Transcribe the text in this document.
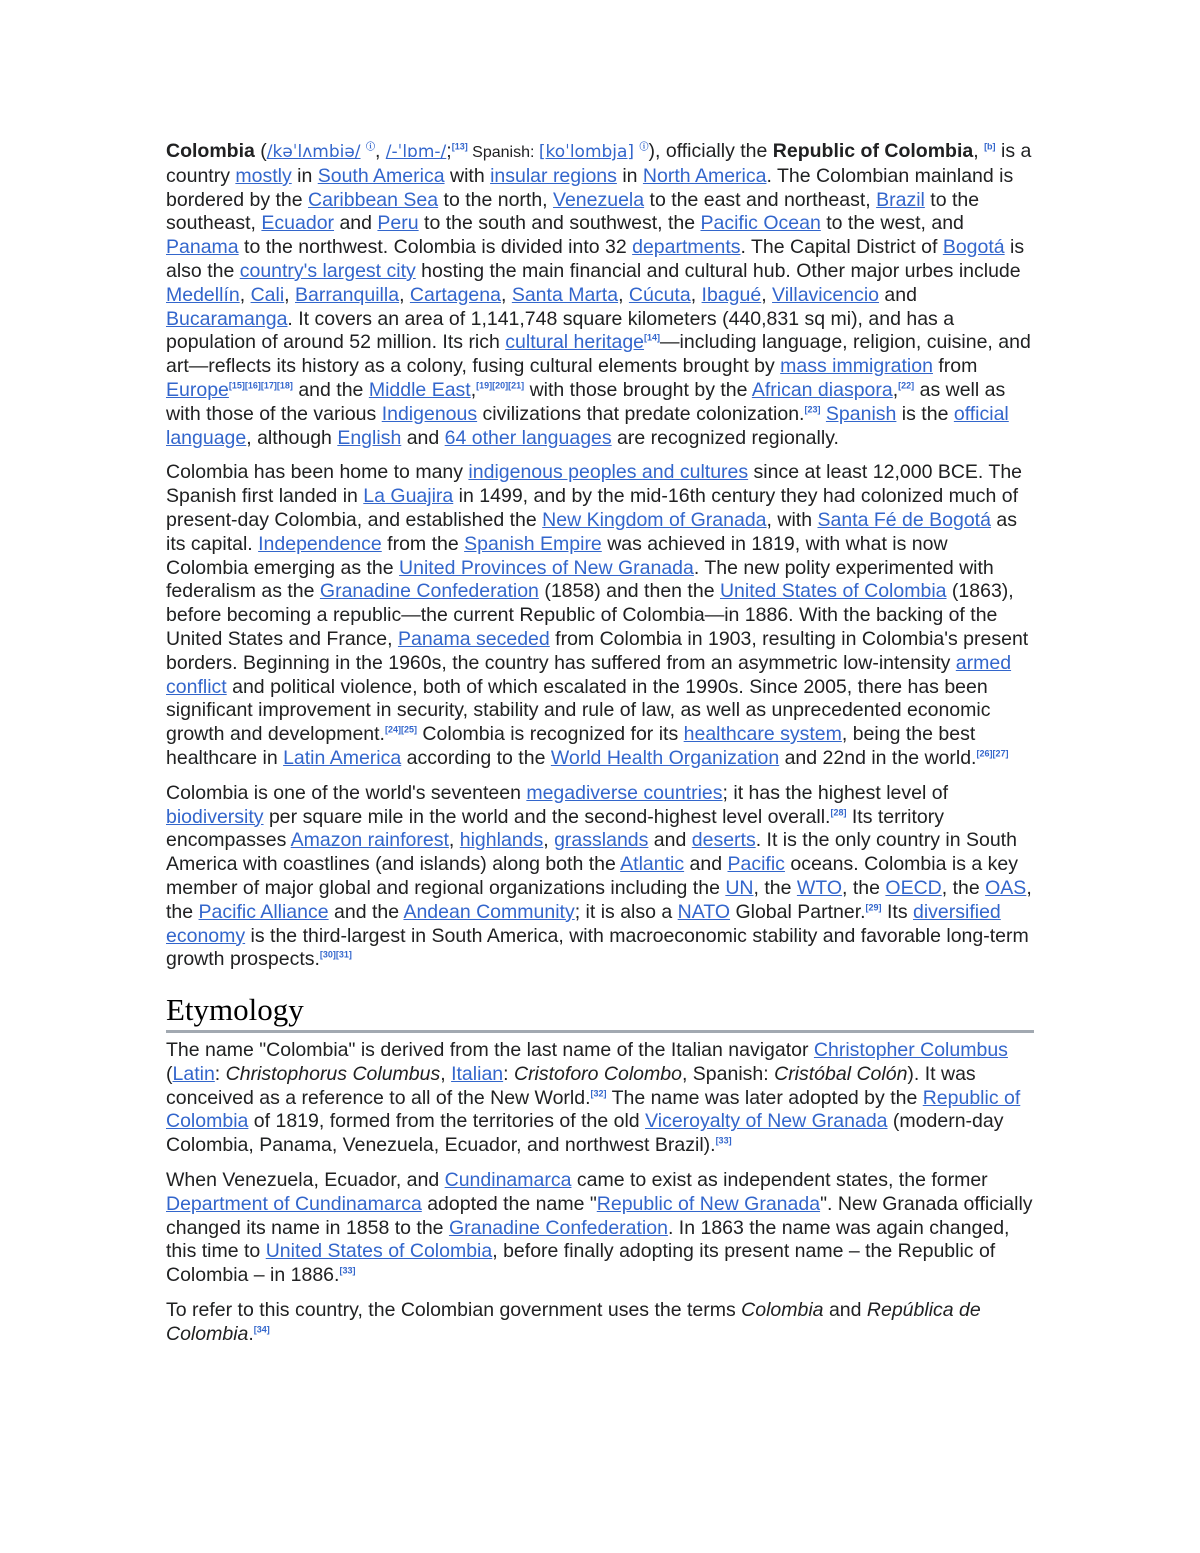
Colombia (/kəˈlʌmbiə/ ⓘ, /-ˈlɒm-/;[13] Spanish: [koˈlombja] ⓘ), officially the Republic of Colombia, [b] is a country mostly in South America with insular regions in North America. The Colombian mainland is bordered by the Caribbean Sea to the north, Venezuela to the east and northeast, Brazil to the southeast, Ecuador and Peru to the south and southwest, the Pacific Ocean to the west, and Panama to the northwest. Colombia is divided into 32 departments. The Capital District of Bogotá is also the country's largest city hosting the main financial and cultural hub. Other major urbes include Medellín, Cali, Barranquilla, Cartagena, Santa Marta, Cúcuta, Ibagué, Villavicencio and Bucaramanga. It covers an area of 1,141,748 square kilometers (440,831 sq mi), and has a population of around 52 million. Its rich cultural heritage[14]—including language, religion, cuisine, and art—reflects its history as a colony, fusing cultural elements brought by mass immigration from Europe[15][16][17][18] and the Middle East,[19][20][21] with those brought by the African diaspora,[22] as well as with those of the various Indigenous civilizations that predate colonization.[23] Spanish is the official language, although English and 64 other languages are recognized regionally.

Colombia has been home to many indigenous peoples and cultures since at least 12,000 BCE. The Spanish first landed in La Guajira in 1499, and by the mid-16th century they had colonized much of present-day Colombia, and established the New Kingdom of Granada, with Santa Fé de Bogotá as its capital. Independence from the Spanish Empire was achieved in 1819, with what is now Colombia emerging as the United Provinces of New Granada. The new polity experimented with federalism as the Granadine Confederation (1858) and then the United States of Colombia (1863), before becoming a republic—the current Republic of Colombia—in 1886. With the backing of the United States and France, Panama seceded from Colombia in 1903, resulting in Colombia's present borders. Beginning in the 1960s, the country has suffered from an asymmetric low-intensity armed conflict and political violence, both of which escalated in the 1990s. Since 2005, there has been significant improvement in security, stability and rule of law, as well as unprecedented economic growth and development.[24][25] Colombia is recognized for its healthcare system, being the best healthcare in Latin America according to the World Health Organization and 22nd in the world.[26][27]

Colombia is one of the world's seventeen megadiverse countries; it has the highest level of biodiversity per square mile in the world and the second-highest level overall.[28] Its territory encompasses Amazon rainforest, highlands, grasslands and deserts. It is the only country in South America with coastlines (and islands) along both the Atlantic and Pacific oceans. Colombia is a key member of major global and regional organizations including the UN, the WTO, the OECD, the OAS, the Pacific Alliance and the Andean Community; it is also a NATO Global Partner.[29] Its diversified economy is the third-largest in South America, with macroeconomic stability and favorable long-term growth prospects.[30][31]

Etymology

The name "Colombia" is derived from the last name of the Italian navigator Christopher Columbus (Latin: Christophorus Columbus, Italian: Cristoforo Colombo, Spanish: Cristóbal Colón). It was conceived as a reference to all of the New World.[32] The name was later adopted by the Republic of Colombia of 1819, formed from the territories of the old Viceroyalty of New Granada (modern-day Colombia, Panama, Venezuela, Ecuador, and northwest Brazil).[33]

When Venezuela, Ecuador, and Cundinamarca came to exist as independent states, the former Department of Cundinamarca adopted the name "Republic of New Granada". New Granada officially changed its name in 1858 to the Granadine Confederation. In 1863 the name was again changed, this time to United States of Colombia, before finally adopting its present name – the Republic of Colombia – in 1886.[33]

To refer to this country, the Colombian government uses the terms Colombia and República de Colombia.[34]
